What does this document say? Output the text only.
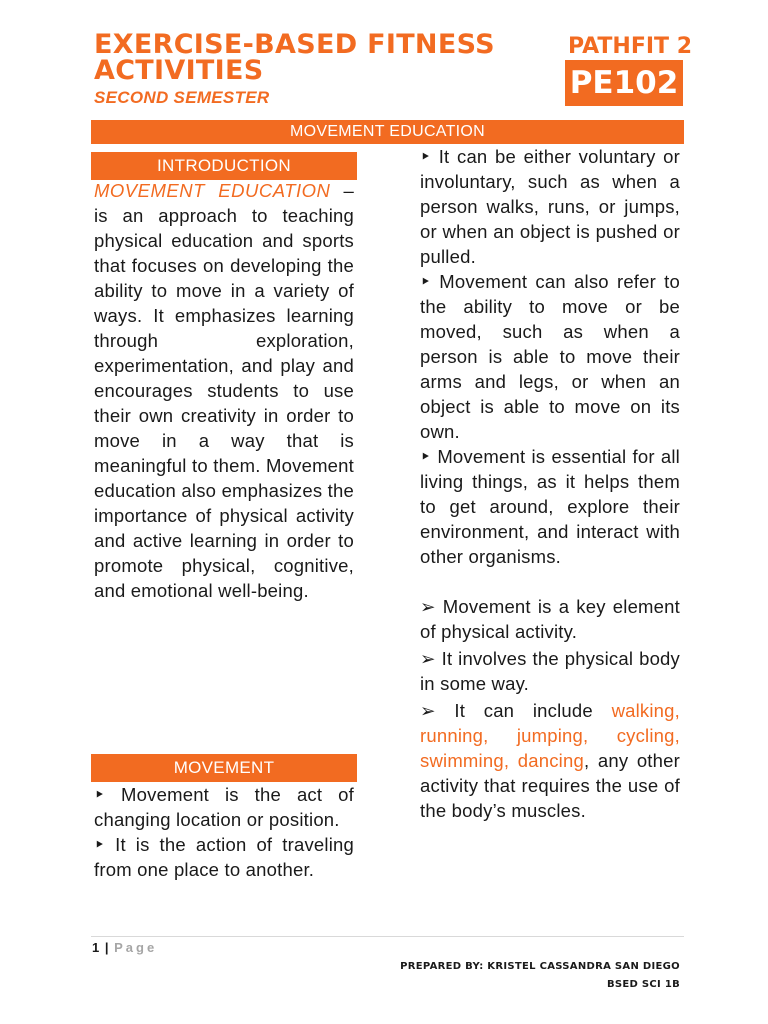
EXERCISE-BASED FITNESS ACTIVITIES
SECOND SEMESTER
PATHFIT 2
PE102
MOVEMENT EDUCATION
INTRODUCTION

MOVEMENT EDUCATION – is an approach to teaching physical education and sports that focuses on developing the ability to move in a variety of ways. It emphasizes learning through exploration, experimentation, and play and encourages students to use their own creativity in order to move in a way that is meaningful to them. Movement education also emphasizes the importance of physical activity and active learning in order to promote physical, cognitive, and emotional well-being.

MOVEMENT

‣ Movement is the act of changing location or position.

‣ It is the action of traveling from one place to another.

‣ It can be either voluntary or involuntary, such as when a person walks, runs, or jumps, or when an object is pushed or pulled.

‣ Movement can also refer to the ability to move or be moved, such as when a person is able to move their arms and legs, or when an object is able to move on its own.

‣ Movement is essential for all living things, as it helps them to get around, explore their environment, and interact with other organisms.

➢ Movement is a key element of physical activity.

➢ It involves the physical body in some way.

➢ It can include walking, running, jumping, cycling, swimming, dancing, any other activity that requires the use of the body’s muscles.

1 | Page
PREPARED BY: KRISTEL CASSANDRA SAN DIEGO
BSED SCI 1B
